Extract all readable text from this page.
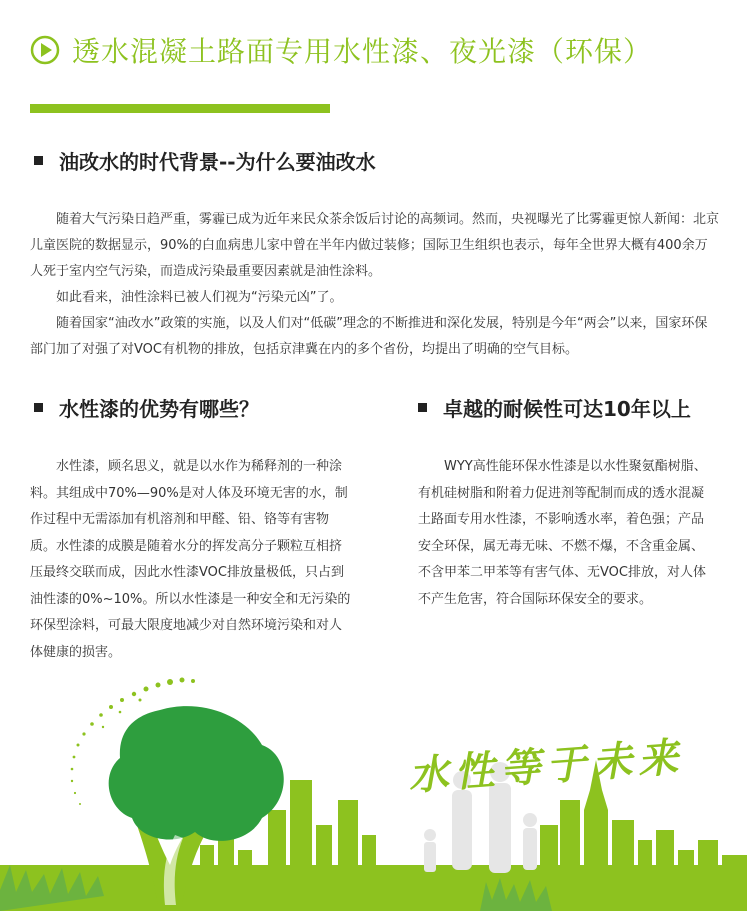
透水混凝土路面专用水性漆、夜光漆（环保）
油改水的时代背景--为什么要油改水

随着大气污染日趋严重，雾霾已成为近年来民众茶余饭后讨论的高频词。然而，央视曝光了比雾霾更惊人新闻：北京儿童医院的数据显示，90%的白血病患儿家中曾在半年内做过装修；国际卫生组织也表示，每年全世界大概有400余万人死于室内空气污染，而造成污染最重要因素就是油性涂料。

如此看来，油性涂料已被人们视为“污染元凶”了。

随着国家“油改水”政策的实施，以及人们对“低碳”理念的不断推进和深化发展，特别是今年“两会”以来，国家环保部门加了对强了对VOC有机物的排放，包括京津冀在内的多个省份，均提出了明确的空气目标。

水性漆的优势有哪些？

水性漆，顾名思义，就是以水作为稀释剂的一种涂料。其组成中70%—90%是对人体及环境无害的水，制作过程中无需添加有机溶剂和甲醛、铅、铬等有害物质。水性漆的成膜是随着水分的挥发高分子颗粒互相挤压最终交联而成，因此水性漆VOC排放量极低，只占到油性漆的0%~10%。所以水性漆是一种安全和无污染的环保型涂料，可最大限度地减少对自然环境污染和对人体健康的损害。

卓越的耐候性可达10年以上

WYY高性能环保水性漆是以水性聚氨酯树脂、有机硅树脂和附着力促进剂等配制而成的透水混凝土路面专用水性漆，不影响透水率，着色强；产品安全环保，属无毒无味、不燃不爆，不含重金属、不含甲苯二甲苯等有害气体、无VOC排放，对人体不产生危害，符合国际环保安全的要求。

水性等于未来
